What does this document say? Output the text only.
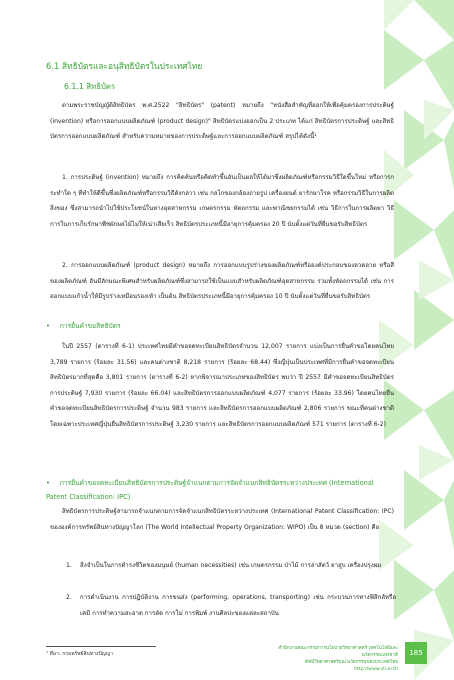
6.1 สิทธิบัตรและอนุสิทธิบัตรในประเทศไทย
6.1.1 สิทธิบัตร

ตามพระราชบัญญัติสิทธิบัตร พ.ศ.2522 "สิทธิบัตร" (patent) หมายถึง "หนังสือสำคัญที่ออกให้เพื่อคุ้มครองการประดิษฐ์ (invention) หรือการออกแบบผลิตภัณฑ์ (product design)" สิทธิบัตรแบ่งออกเป็น 2 ประเภท ได้แก่ สิทธิบัตรการประดิษฐ์ และสิทธิบัตรการออกแบบผลิตภัณฑ์ สำหรับความหมายของการประดิษฐ์และการออกแบบผลิตภัณฑ์ สรุปได้ดังนี้¹

1. การประดิษฐ์ (invention) หมายถึง การคิดค้นหรือคิดทำขึ้นอันเป็นผลให้ได้มาซึ่งผลิตภัณฑ์หรือกรรมวิธีใดขึ้นใหม่ หรือการกระทำใด ๆ ที่ทำให้ดีขึ้นซึ่งผลิตภัณฑ์หรือกรรมวิธีดังกล่าว เช่น กลไกของกล้องถ่ายรูป เครื่องยนต์ ยารักษาโรค หรือกรรมวิธีในการผลิตสิ่งของ ซึ่งสามารถนำไปใช้ประโยชน์ในทางอุตสาหกรรม เกษตรกรรม หัตถกรรม และพาณิชยกรรมได้ เช่น วิธีการในการผลิตยา วิธีการในการเก็บรักษาพืชผักผลไม้ไม่ให้เน่าเสียเร็ว สิทธิบัตรประเภทนี้มีอายุการคุ้มครอง 20 ปี นับตั้งแต่วันที่ยื่นขอรับสิทธิบัตร

2. การออกแบบผลิตภัณฑ์ (product design) หมายถึง การออกแบบรูปร่างของผลิตภัณฑ์หรือองค์ประกอบของลวดลาย หรือสีของผลิตภัณฑ์ อันมีลักษณะพิเศษสำหรับผลิตภัณฑ์ซึ่งสามารถใช้เป็นแบบสำหรับผลิตภัณฑ์อุตสาหกรรม รวมทั้งหัตถกรรมได้ เช่น การออกแบบแก้วน้ำให้มีรูปร่างเหมือนรองเท้า เป็นต้น สิทธิบัตรประเภทนี้มีอายุการคุ้มครอง 10 ปี นับตั้งแต่วันที่ยื่นขอรับสิทธิบัตร

• การยื่นคำขอสิทธิบัตร

ในปี 2557 (ตารางที่ 6-1) ประเทศไทยมีคำขอจดทะเบียนสิทธิบัตรจำนวน 12,007 รายการ แบ่งเป็นการยื่นคำขอโดยคนไทย 3,789 รายการ (ร้อยละ 31.56) และคนต่างชาติ 8,218 รายการ (ร้อยละ 68.44) ซึ่งญี่ปุ่นเป็นประเทศที่มีการยื่นคำขอจดทะเบียนสิทธิบัตรมากที่สุดคือ 3,801 รายการ (ตารางที่ 6-2) หากพิจารณาประเภทของสิทธิบัตร พบว่า ปี 2557 มีคำขอจดทะเบียนสิทธิบัตรการประดิษฐ์ 7,930 รายการ (ร้อยละ 66.04) และสิทธิบัตรการออกแบบผลิตภัณฑ์ 4,077 รายการ (ร้อยละ 33.96) โดยคนไทยยื่นคำขอจดทะเบียนสิทธิบัตรการประดิษฐ์ จำนวน 983 รายการ และสิทธิบัตรการออกแบบผลิตภัณฑ์ 2,806 รายการ ขณะที่คนต่างชาติโดยเฉพาะประเทศญี่ปุ่นยื่นสิทธิบัตรการประดิษฐ์ 3,230 รายการ และสิทธิบัตรการออกแบบผลิตภัณฑ์ 571 รายการ (ตารางที่ 6-2)

• การยื่นคำขอจดทะเบียนสิทธิบัตรการประดิษฐ์จำแนกตามการจัดจำแนกสิทธิบัตรระหว่างประเทศ (International Patent Classification: IPC)

สิทธิบัตรการประดิษฐ์สามารถจำแนกตามการจัดจำแนกสิทธิบัตรระหว่างประเทศ (International Patent Classification: IPC) ขององค์การทรัพย์สินทางปัญญาโลก (The World Intellectual Property Organization: WIPO) เป็น 8 หมวด (section) คือ

1. สิ่งจำเป็นในการดำรงชีวิตของมนุษย์ (human necessities) เช่น เกษตรกรรม ป่าไม้ การล่าสัตว์ ยาสูบ เครื่องปรุงผม
2. การดำเนินงาน การปฏิบัติงาน การขนส่ง (performing, operations, transporting) เช่น กระบวนการทางฟิสิกส์หรือเคมี การทำความสะอาด การตัด การโม่ การพิมพ์ งานศิลปะของแต่ละสถาบัน
¹ ที่มา: กรมทรัพย์สินทางปัญญา
สำนักงานคณะกรรมการนโยบายวิทยาศาสตร์ เทคโนโลยีและนวัตกรรมแห่งชาติ
ดัชนีวิทยาศาสตร์และนวัตกรรมของประเทศไทย
http://www.sti.or.th
185
